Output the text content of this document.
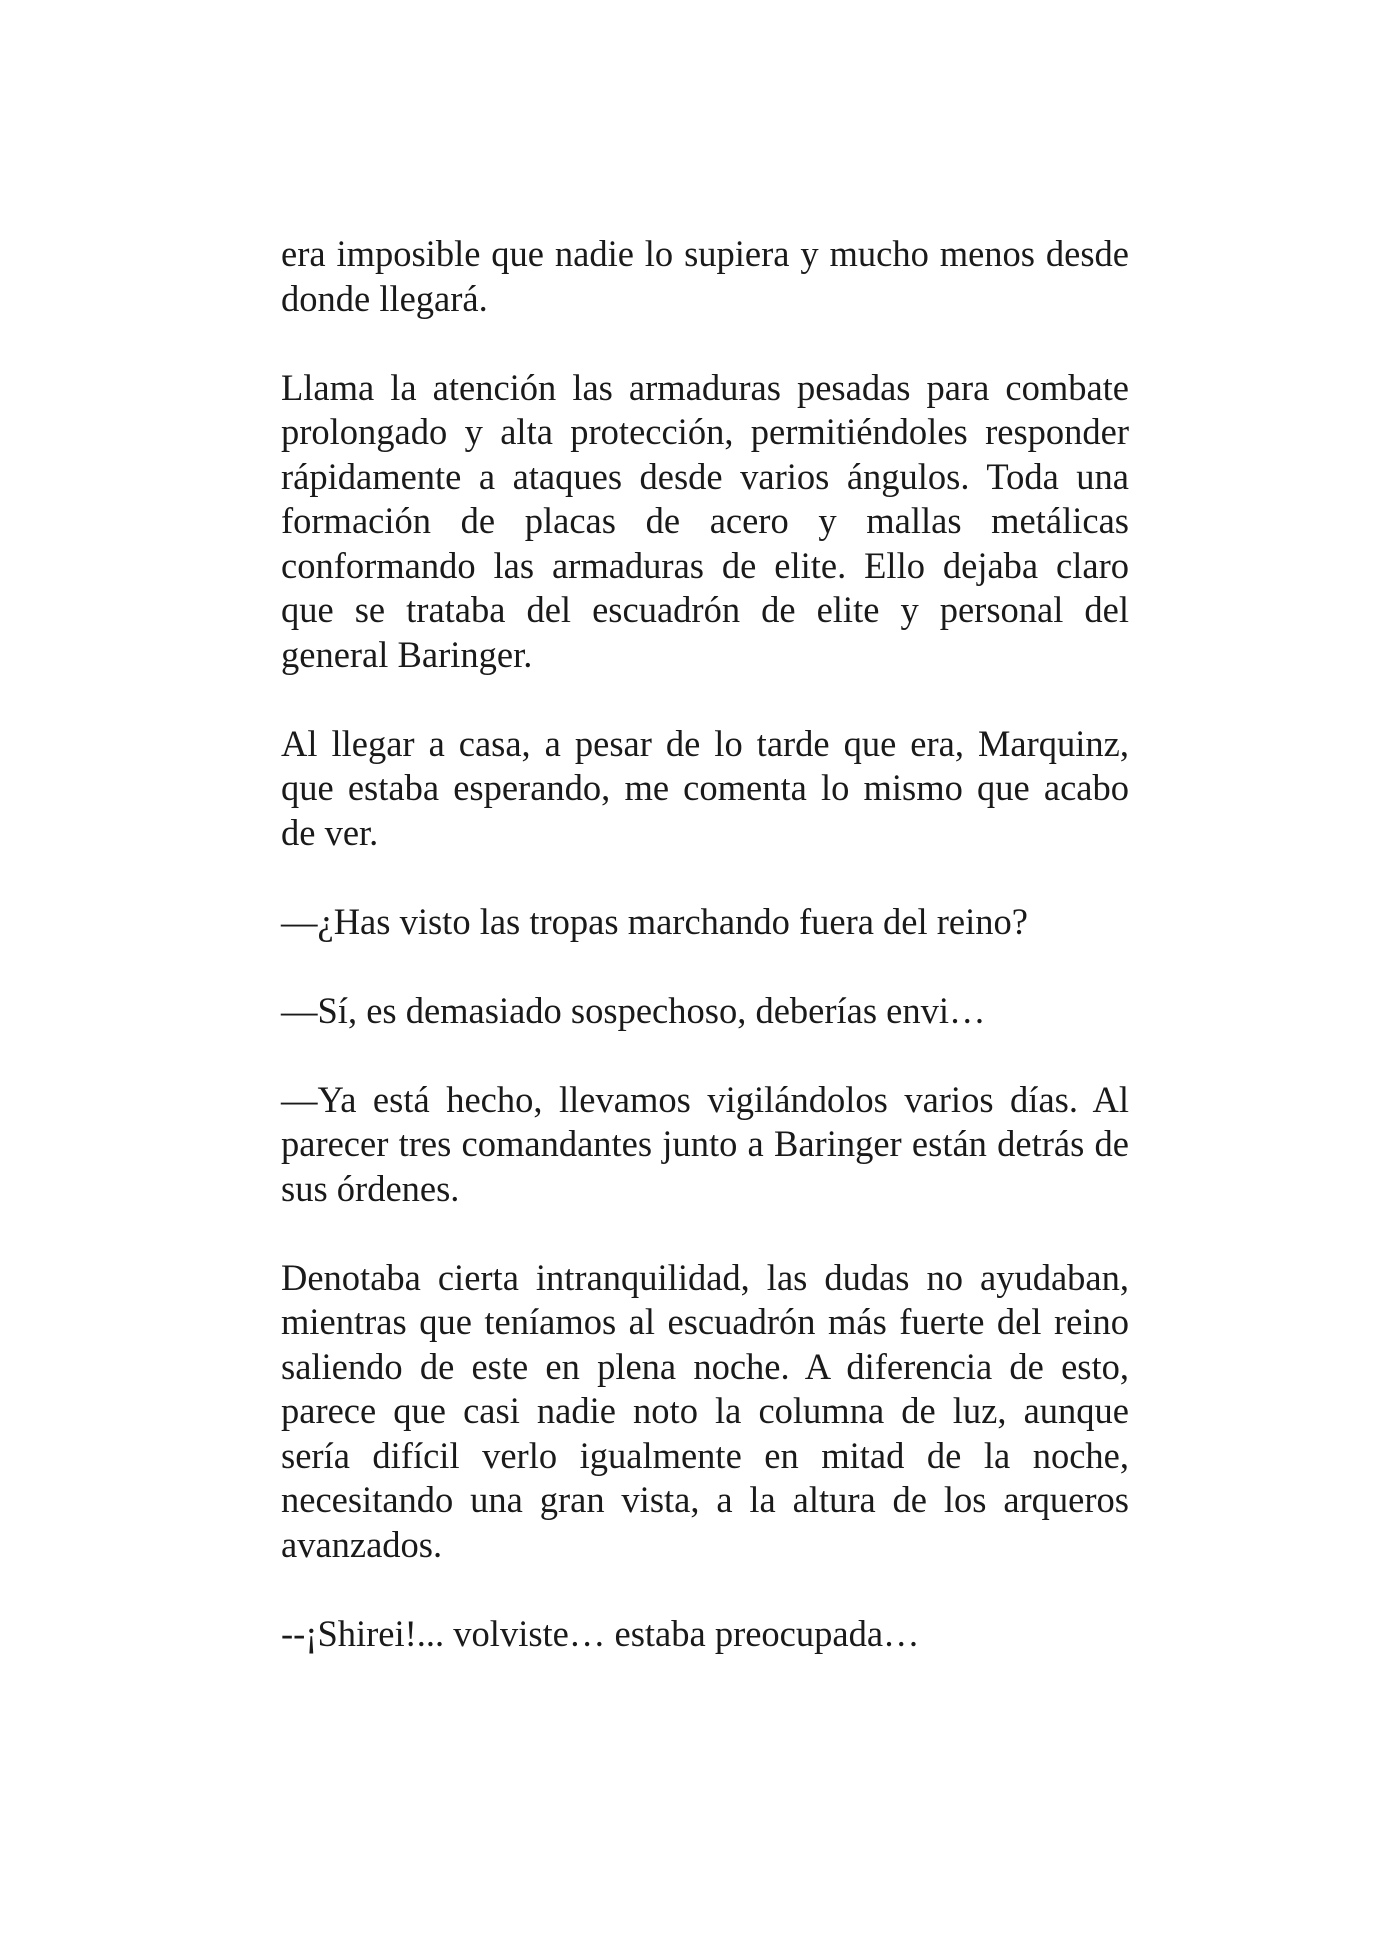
era imposible que nadie lo supiera y mucho menos desde donde llegará.

Llama la atención las armaduras pesadas para combate prolongado y alta protección, permitiéndoles responder rápidamente a ataques desde varios ángulos. Toda una formación de placas de acero y mallas metálicas conformando las armaduras de elite. Ello dejaba claro que se trataba del escuadrón de elite y personal del general Baringer.

Al llegar a casa, a pesar de lo tarde que era, Marquinz, que estaba esperando, me comenta lo mismo que acabo de ver.

—¿Has visto las tropas marchando fuera del reino?

—Sí, es demasiado sospechoso, deberías envi…

—Ya está hecho, llevamos vigilándolos varios días. Al parecer tres comandantes junto a Baringer están detrás de sus órdenes.

Denotaba cierta intranquilidad, las dudas no ayudaban, mientras que teníamos al escuadrón más fuerte del reino saliendo de este en plena noche. A diferencia de esto, parece que casi nadie noto la columna de luz, aunque sería difícil verlo igualmente en mitad de la noche, necesitando una gran vista, a la altura de los arqueros avanzados.

--¡Shirei!... volviste… estaba preocupada…
